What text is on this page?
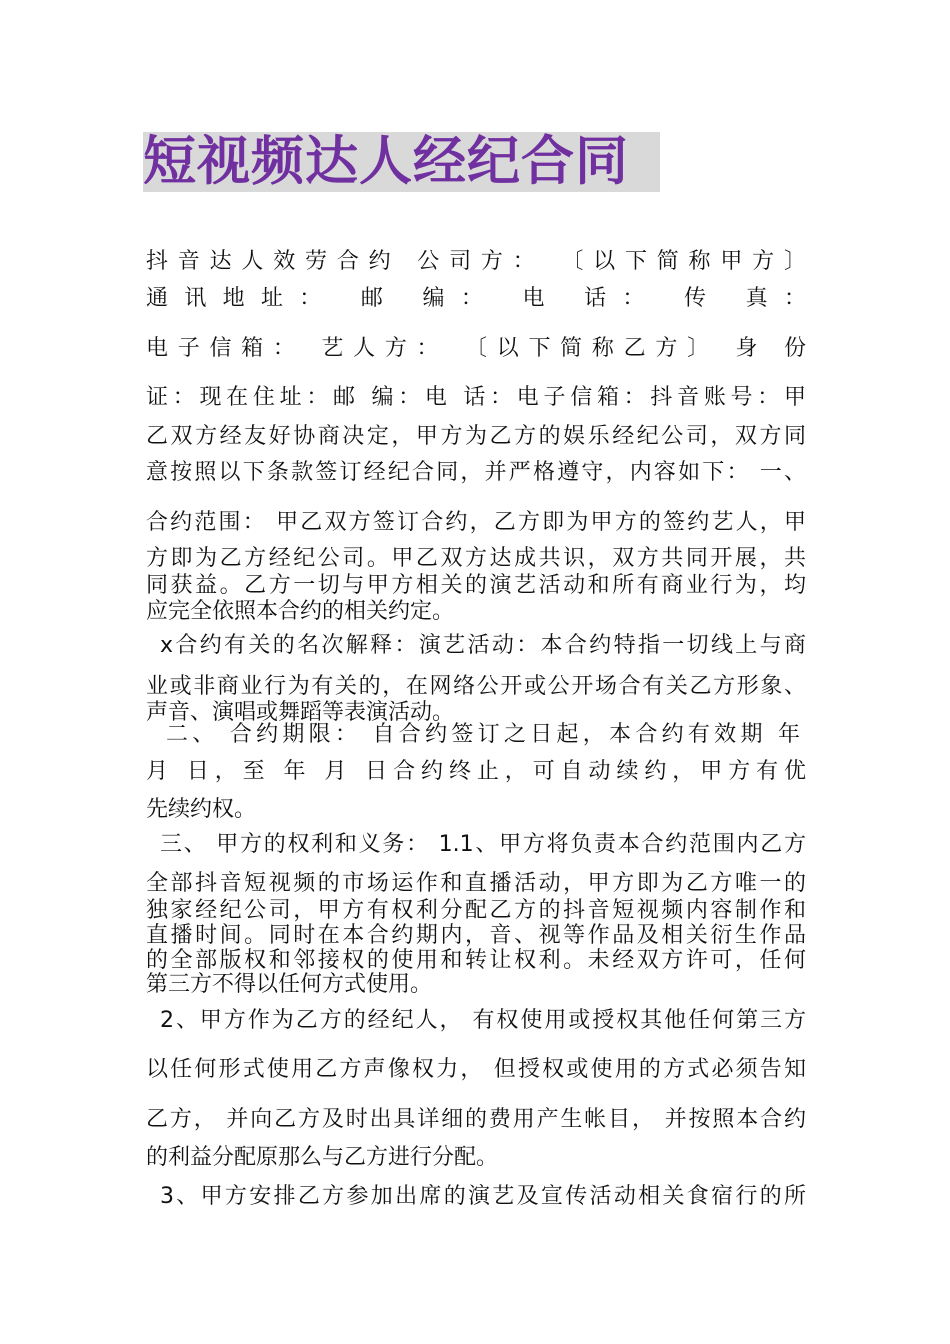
短视频达人经纪合同
抖音达人效劳合约 公司方： 〔以下简称甲方〕
通讯地址： 邮 编： 电 话： 传 真：
电子信箱： 艺人方： 〔以下简称乙方〕 身 份
证：现在住址：邮 编：电 话：电子信箱：抖音账号：甲
乙双方经友好协商决定，甲方为乙方的娱乐经纪公司，双方同
意按照以下条款签订经纪合同，并严格遵守，内容如下： 一、
合约范围： 甲乙双方签订合约，乙方即为甲方的签约艺人，甲
方即为乙方经纪公司。甲乙双方达成共识，双方共同开展，共
同获益。乙方一切与甲方相关的演艺活动和所有商业行为，均
应完全依照本合约的相关约定。
x合约有关的名次解释：演艺活动：本合约特指一切线上与商
业或非商业行为有关的，在网络公开或公开场合有关乙方形象、
声音、演唱或舞蹈等表演活动。
二、 合约期限： 自合约签订之日起，本合约有效期 年
月 日，至 年 月 日合约终止，可自动续约，甲方有优
先续约权。
三、 甲方的权利和义务： 1.1、甲方将负责本合约范围内乙方
全部抖音短视频的市场运作和直播活动，甲方即为乙方唯一的
独家经纪公司，甲方有权利分配乙方的抖音短视频内容制作和
直播时间。同时在本合约期内，音、视等作品及相关衍生作品
的全部版权和邻接权的使用和转让权利。未经双方许可，任何
第三方不得以任何方式使用。
2、甲方作为乙方的经纪人， 有权使用或授权其他任何第三方
以任何形式使用乙方声像权力， 但授权或使用的方式必须告知
乙方， 并向乙方及时出具详细的费用产生帐目， 并按照本合约
的利益分配原那么与乙方进行分配。
3、甲方安排乙方参加出席的演艺及宣传活动相关食宿行的所
